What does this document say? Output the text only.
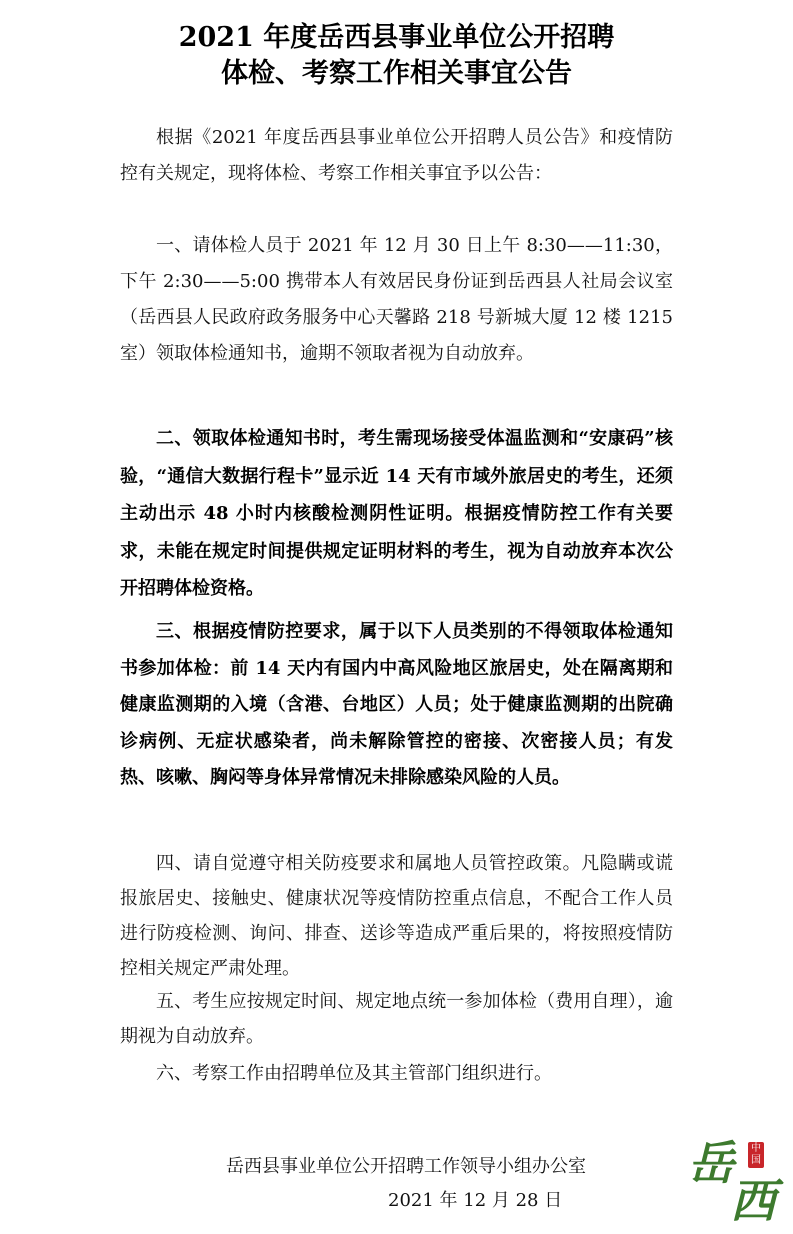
2021 年度岳西县事业单位公开招聘
体检、考察工作相关事宜公告

根据《2021 年度岳西县事业单位公开招聘人员公告》和疫情防控有关规定，现将体检、考察工作相关事宜予以公告：

一、请体检人员于 2021 年 12 月 30 日上午 8:30——11:30，下午 2:30——5:00 携带本人有效居民身份证到岳西县人社局会议室（岳西县人民政府政务服务中心天馨路 218 号新城大厦 12 楼 1215 室）领取体检通知书，逾期不领取者视为自动放弃。

二、领取体检通知书时，考生需现场接受体温监测和“安康码”核验，“通信大数据行程卡”显示近 14 天有市域外旅居史的考生，还须主动出示 48 小时内核酸检测阴性证明。根据疫情防控工作有关要求，未能在规定时间提供规定证明材料的考生，视为自动放弃本次公开招聘体检资格。

三、根据疫情防控要求，属于以下人员类别的不得领取体检通知书参加体检：前 14 天内有国内中高风险地区旅居史，处在隔离期和健康监测期的入境（含港、台地区）人员；处于健康监测期的出院确诊病例、无症状感染者，尚未解除管控的密接、次密接人员；有发热、咳嗽、胸闷等身体异常情况未排除感染风险的人员。

四、请自觉遵守相关防疫要求和属地人员管控政策。凡隐瞒或谎报旅居史、接触史、健康状况等疫情防控重点信息，不配合工作人员进行防疫检测、询问、排查、送诊等造成严重后果的，将按照疫情防控相关规定严肃处理。

五、考生应按规定时间、规定地点统一参加体检（费用自理），逾期视为自动放弃。

六、考察工作由招聘单位及其主管部门组织进行。

岳西县事业单位公开招聘工作领导小组办公室
2021 年 12 月 28 日
岳	中国
西
